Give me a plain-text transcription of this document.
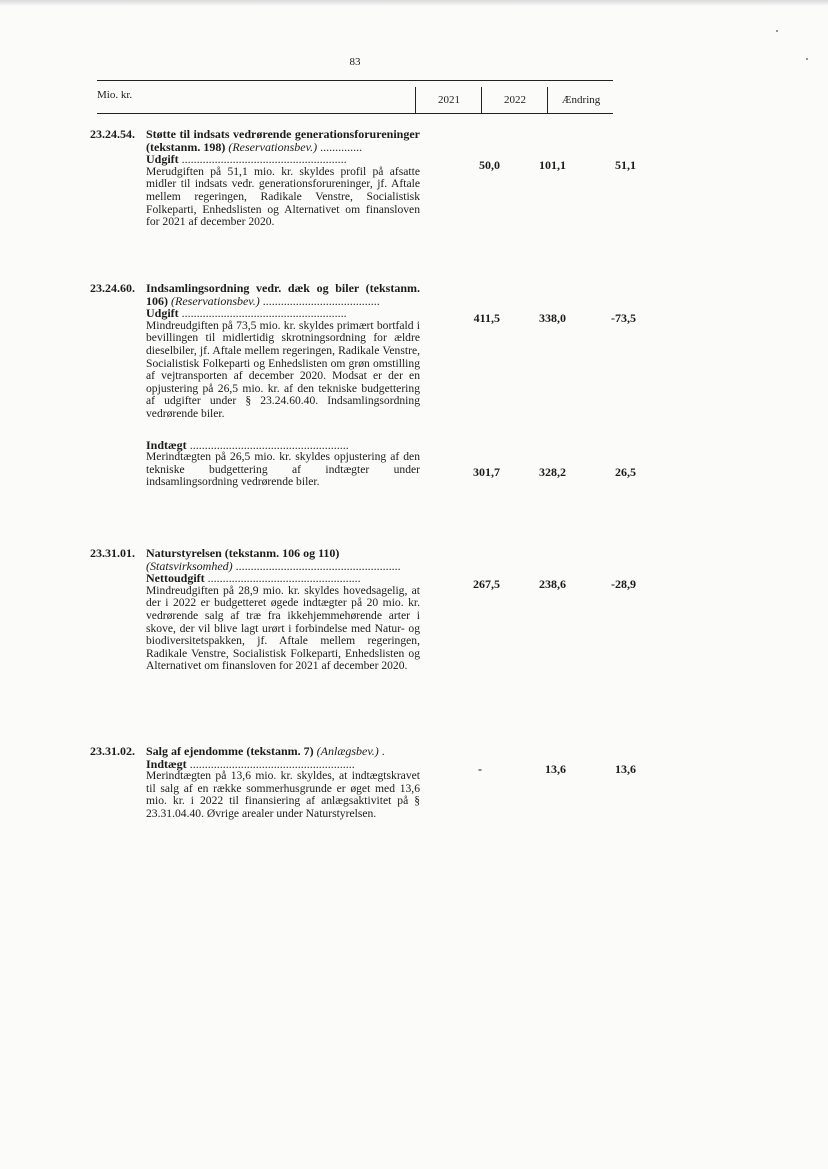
83
Mio. kr.	2021	2022	Ændring
23.24.54. Støtte til indsats vedrørende generationsforureninger (tekstanm. 198) (Reservationsbev.) ..............
Udgift .......................................................
Merudgiften på 51,1 mio. kr. skyldes profil på afsatte midler til indsats vedr. generationsforureninger, jf. Aftale mellem regeringen, Radikale Venstre, Socialistisk Folkeparti, Enhedslisten og Alternativet om finansloven for 2021 af december 2020.
50,0	101,1	51,1
23.24.60. Indsamlingsordning vedr. dæk og biler (tekstanm. 106) (Reservationsbev.) .......................................
Udgift .......................................................
Mindreudgiften på 73,5 mio. kr. skyldes primært bortfald i bevillingen til midlertidig skrotningsordning for ældre dieselbiler, jf. Aftale mellem regeringen, Radikale Venstre, Socialistisk Folkeparti og Enhedslisten om grøn omstilling af vejtransporten af december 2020. Modsat er der en opjustering på 26,5 mio. kr. af den tekniske budgettering af udgifter under § 23.24.60.40. Indsamlingsordning vedrørende biler.
Indtægt .....................................................
Merindtægten på 26,5 mio. kr. skyldes opjustering af den tekniske budgettering af indtægter under indsamlingsordning vedrørende biler.
411,5	338,0	-73,5
301,7	328,2	26,5
23.31.01. Naturstyrelsen (tekstanm. 106 og 110)
(Statsvirksomhed) .......................................................
Nettoudgift ...................................................
Mindreudgiften på 28,9 mio. kr. skyldes hovedsagelig, at der i 2022 er budgetteret øgede indtægter på 20 mio. kr. vedrørende salg af træ fra ikkehjemmehørende arter i skove, der vil blive lagt urørt i forbindelse med Natur- og biodiversitetspakken, jf. Aftale mellem regeringen, Radikale Venstre, Socialistisk Folkeparti, Enhedslisten og Alternativet om finansloven for 2021 af december 2020.
267,5	238,6	-28,9
23.31.02. Salg af ejendomme (tekstanm. 7) (Anlægsbev.) .
Indtægt .......................................................
Merindtægten på 13,6 mio. kr. skyldes, at indtægtskravet til salg af en række sommerhusgrunde er øget med 13,6 mio. kr. i 2022 til finansiering af anlægsaktivitet på § 23.31.04.40. Øvrige arealer under Naturstyrelsen.
-	13,6	13,6
